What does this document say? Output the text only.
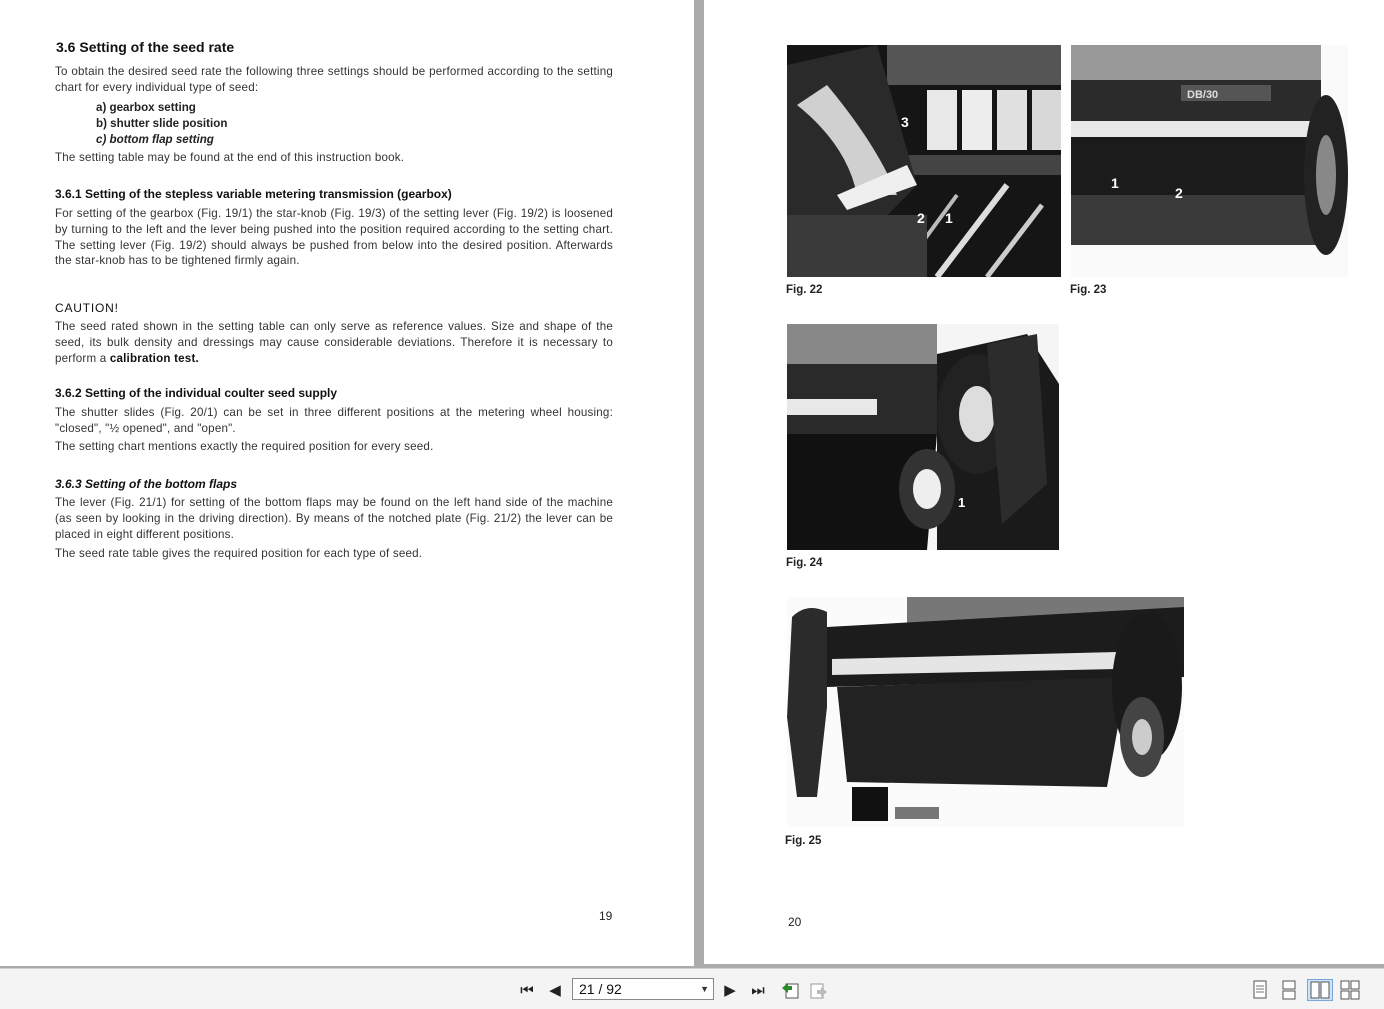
3.6 Setting of the seed rate
To obtain the desired seed rate the following three settings should be performed according to the setting chart for every individual type of seed:
a) gearbox setting
b) shutter slide position
c) bottom flap setting
The setting table may be found at the end of this instruction book.
3.6.1 Setting of the stepless variable metering transmission (gearbox)
For setting of the gearbox (Fig. 19/1) the star-knob (Fig. 19/3) of the setting lever (Fig. 19/2) is loosened by turning to the left and the lever being pushed into the position required according to the setting chart. The setting lever (Fig. 19/2) should always be pushed from below into the desired position. Afterwards the star-knob has to be tightened firmly again.
CAUTION!
The seed rated shown in the setting table can only serve as reference values. Size and shape of the seed, its bulk density and dressings may cause considerable deviations. Therefore it is necessary to perform a calibration test.
3.6.2 Setting of the individual coulter seed supply
The shutter slides (Fig. 20/1) can be set in three different positions at the metering wheel housing: "closed", "½ opened", and "open".
The setting chart mentions exactly the required position for every seed.
3.6.3 Setting of the bottom flaps
The lever (Fig. 21/1) for setting of the bottom flaps may be found on the left hand side of the machine (as seen by looking in the driving direction). By means of the notched plate (Fig. 21/2) the lever can be placed in eight different positions.
The seed rate table gives the required position for each type of seed.
19
3
2 1
Fig. 22
DB/30
1
2
Fig. 23
1
Fig. 24
Fig. 25
20
⏮ ◀	21 / 92	▼ ▶ ⏭
